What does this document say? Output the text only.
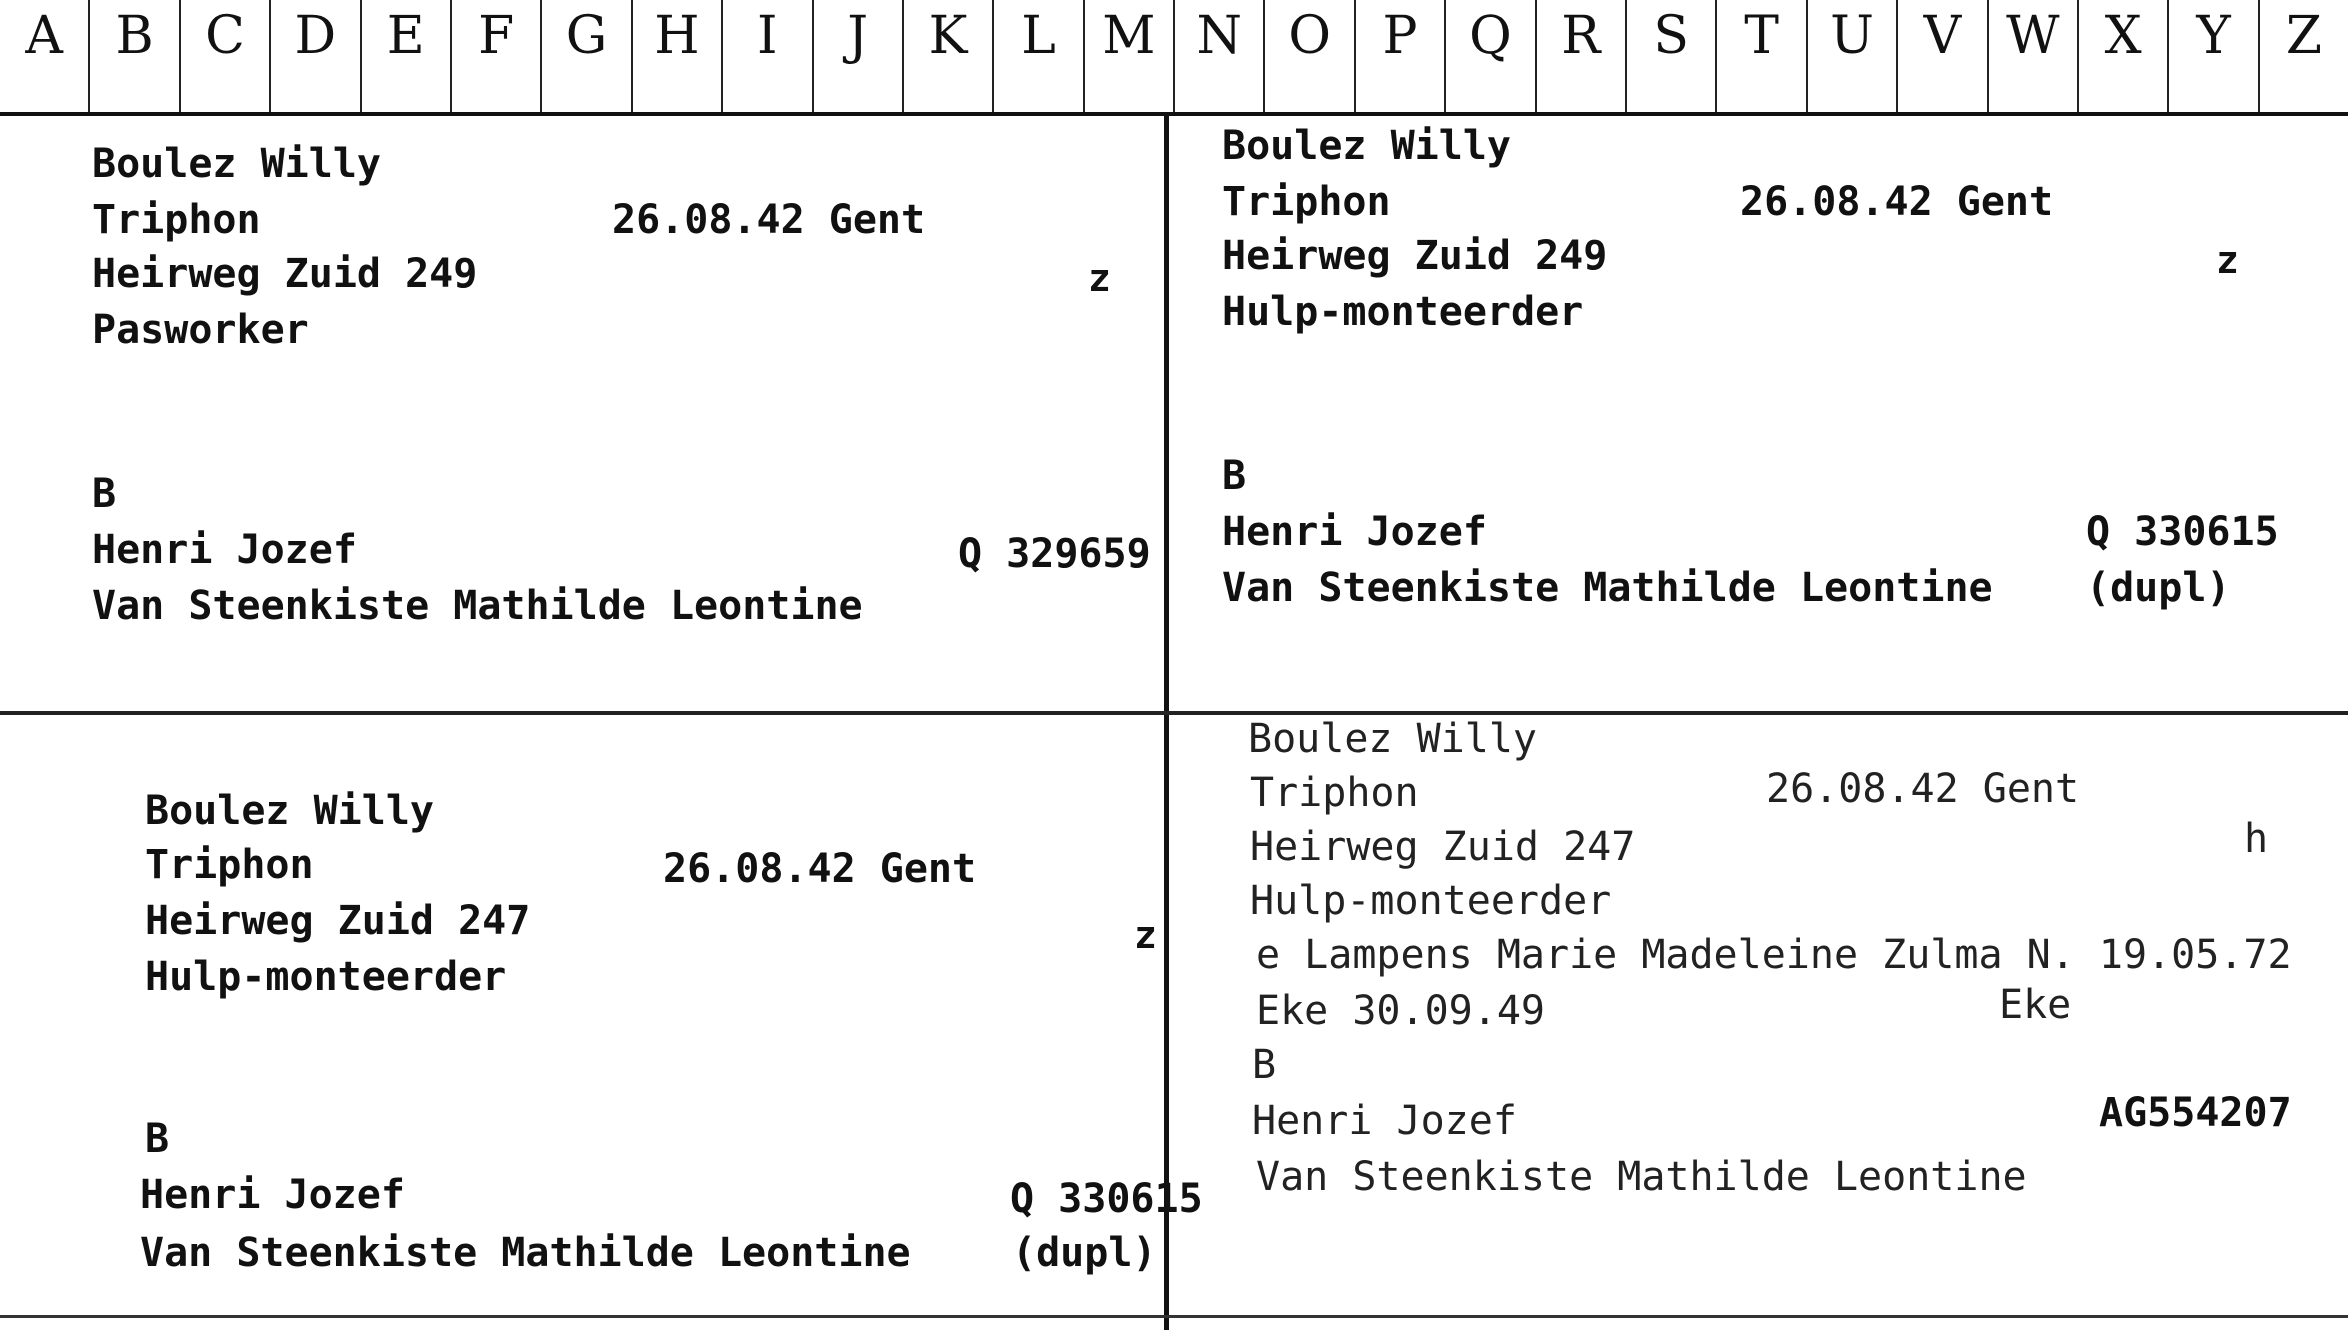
A	B C D E	F G H	I	J	K	L M N O P Q R	S	T U V W X	Y	Z
Boulez Willy
Triphon	26.08.42 Gent
Heirweg Zuid 249	z
Pasworker
B
Henri Jozef	Q 329659
Van Steenkiste Mathilde Leontine
Boulez Willy
Triphon	26.08.42 Gent
Heirweg Zuid 249	z
Hulp-monteerder
B
Henri Jozef	Q 330615
Van Steenkiste Mathilde Leontine (dupl)
Boulez Willy
Triphon	26.08.42 Gent
Heirweg Zuid 247	z
Hulp-monteerder
B
Henri Jozef	Q 330615
Van Steenkiste Mathilde Leontine	(dupl)
Boulez Willy
Triphon	26.08.42 Gent
Heirweg Zuid 247	h
Hulp-monteerder
e Lampens Marie Madeleine Zulma N. 19.05.72
Eke 30.09.49	Eke
B
Henri Jozef	AG554207
Van Steenkiste Mathilde Leontine
